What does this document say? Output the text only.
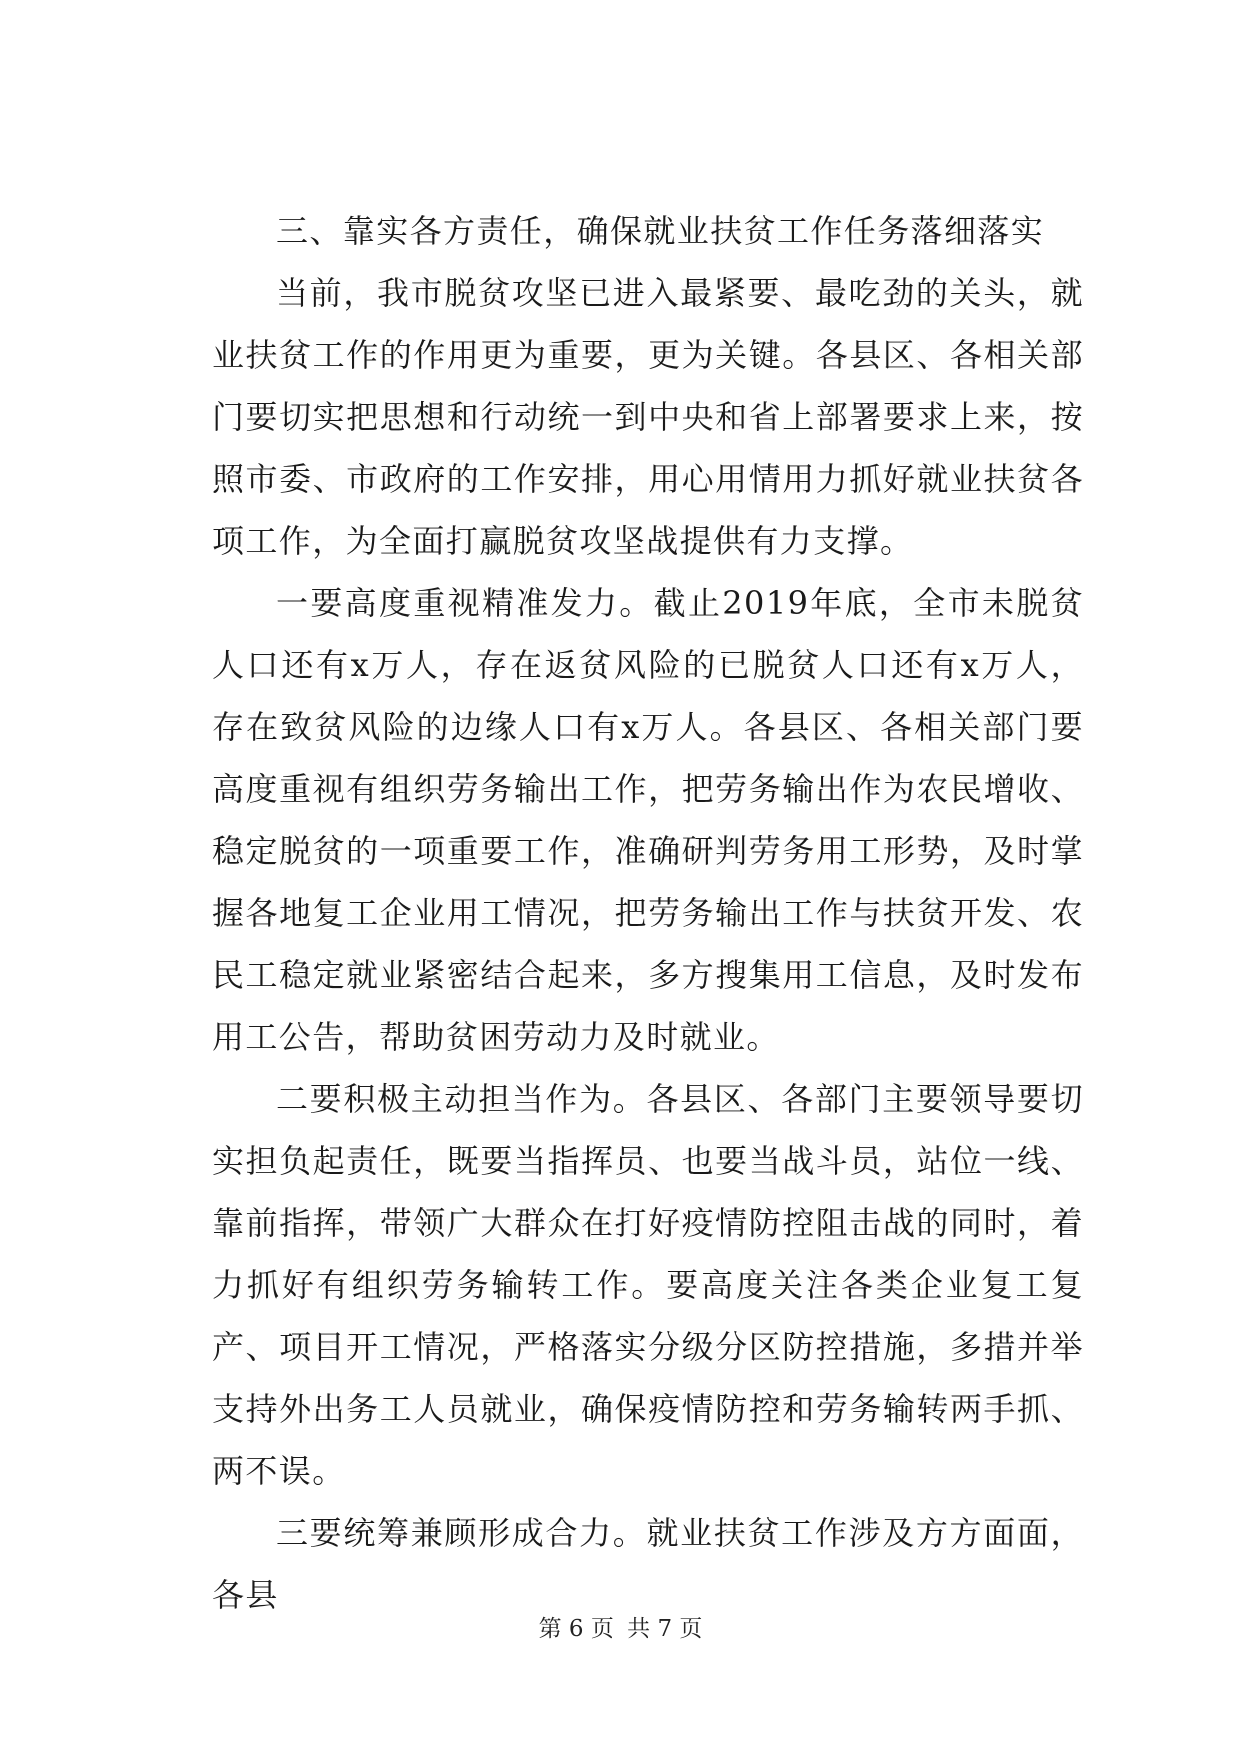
三、靠实各方责任，确保就业扶贫工作任务落细落实

当前，我市脱贫攻坚已进入最紧要、最吃劲的关头，就业扶贫工作的作用更为重要，更为关键。各县区、各相关部门要切实把思想和行动统一到中央和省上部署要求上来，按照市委、市政府的工作安排，用心用情用力抓好就业扶贫各项工作，为全面打赢脱贫攻坚战提供有力支撑。

一要高度重视精准发力。截止2019年底，全市未脱贫人口还有x万人，存在返贫风险的已脱贫人口还有x万人，存在致贫风险的边缘人口有x万人。各县区、各相关部门要高度重视有组织劳务输出工作，把劳务输出作为农民增收、稳定脱贫的一项重要工作，准确研判劳务用工形势，及时掌握各地复工企业用工情况，把劳务输出工作与扶贫开发、农民工稳定就业紧密结合起来，多方搜集用工信息，及时发布用工公告，帮助贫困劳动力及时就业。

二要积极主动担当作为。各县区、各部门主要领导要切实担负起责任，既要当指挥员、也要当战斗员，站位一线、靠前指挥，带领广大群众在打好疫情防控阻击战的同时，着力抓好有组织劳务输转工作。要高度关注各类企业复工复产、项目开工情况，严格落实分级分区防控措施，多措并举支持外出务工人员就业，确保疫情防控和劳务输转两手抓、两不误。

三要统筹兼顾形成合力。就业扶贫工作涉及方方面面，各县

第 6 页 共 7 页
